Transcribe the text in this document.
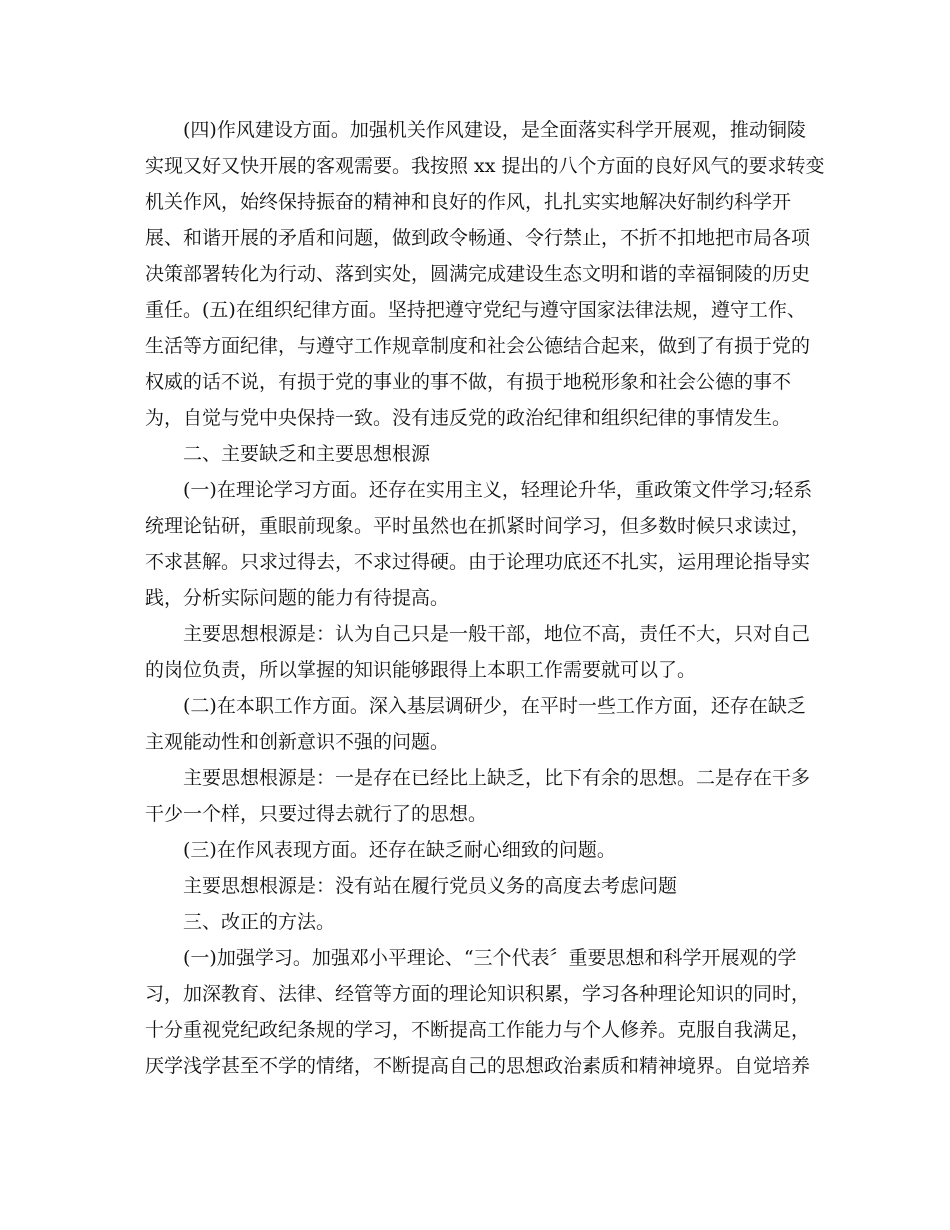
(四)作风建设方面。加强机关作风建设，是全面落实科学开展观，推动铜陵
实现又好又快开展的客观需要。我按照 xx 提出的八个方面的良好风气的要求转变
机关作风，始终保持振奋的精神和良好的作风，扎扎实实地解决好制约科学开
展、和谐开展的矛盾和问题，做到政令畅通、令行禁止，不折不扣地把市局各项
决策部署转化为行动、落到实处，圆满完成建设生态文明和谐的幸福铜陵的历史
重任。(五)在组织纪律方面。坚持把遵守党纪与遵守国家法律法规，遵守工作、
生活等方面纪律，与遵守工作规章制度和社会公德结合起来，做到了有损于党的
权威的话不说，有损于党的事业的事不做，有损于地税形象和社会公德的事不
为，自觉与党中央保持一致。没有违反党的政治纪律和组织纪律的事情发生。
二、主要缺乏和主要思想根源
(一)在理论学习方面。还存在实用主义，轻理论升华，重政策文件学习;轻系
统理论钻研，重眼前现象。平时虽然也在抓紧时间学习，但多数时候只求读过，
不求甚解。只求过得去，不求过得硬。由于论理功底还不扎实，运用理论指导实
践，分析实际问题的能力有待提高。
主要思想根源是：认为自己只是一般干部，地位不高，责任不大，只对自己
的岗位负责，所以掌握的知识能够跟得上本职工作需要就可以了。
(二)在本职工作方面。深入基层调研少，在平时一些工作方面，还存在缺乏
主观能动性和创新意识不强的问题。
主要思想根源是：一是存在已经比上缺乏，比下有余的思想。二是存在干多
干少一个样，只要过得去就行了的思想。
(三)在作风表现方面。还存在缺乏耐心细致的问题。
主要思想根源是：没有站在履行党员义务的高度去考虑问题
三、改正的方法。
(一)加强学习。加强邓小平理论、“三个代表〞重要思想和科学开展观的学
习，加深教育、法律、经管等方面的理论知识积累，学习各种理论知识的同时，
十分重视党纪政纪条规的学习，不断提高工作能力与个人修养。克服自我满足，
厌学浅学甚至不学的情绪，不断提高自己的思想政治素质和精神境界。自觉培养
